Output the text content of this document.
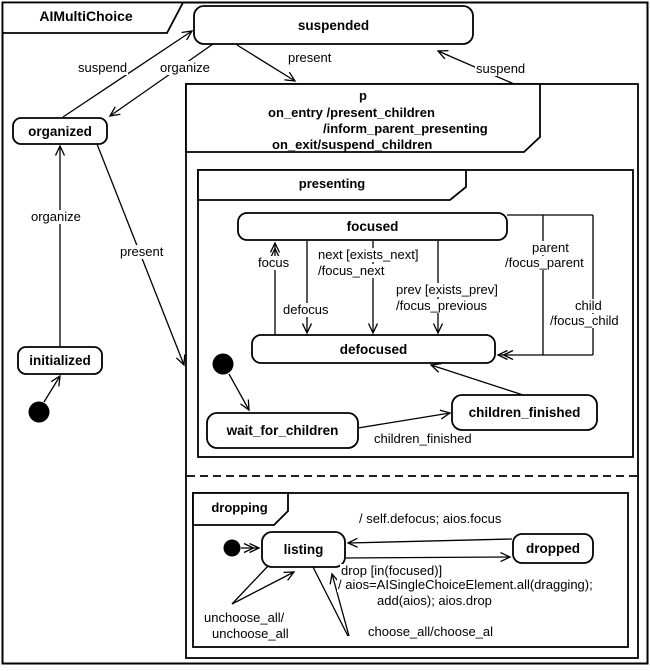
AIMultiChoice
suspended
organized
initialized
focused
defocused
wait_for_children
children_finished
listing	dropped
p
on_entry /present_children
/inform_parent_presenting
on_exit/suspend_children
presenting
dropping
suspend	organize
organize
present
present
suspend
focus
defocus
next [exists_next]
/focus_next
prev [exists_prev]
/focus_previous
parent
/focus_parent
child
/focus_child
children_finished
/ self.defocus; aios.focus
drop [in(focused)]
/ aios=AISingleChoiceElement.all(dragging);
add(aios); aios.drop
unchoose_all/
unchoose_all	choose_all/choose_al
